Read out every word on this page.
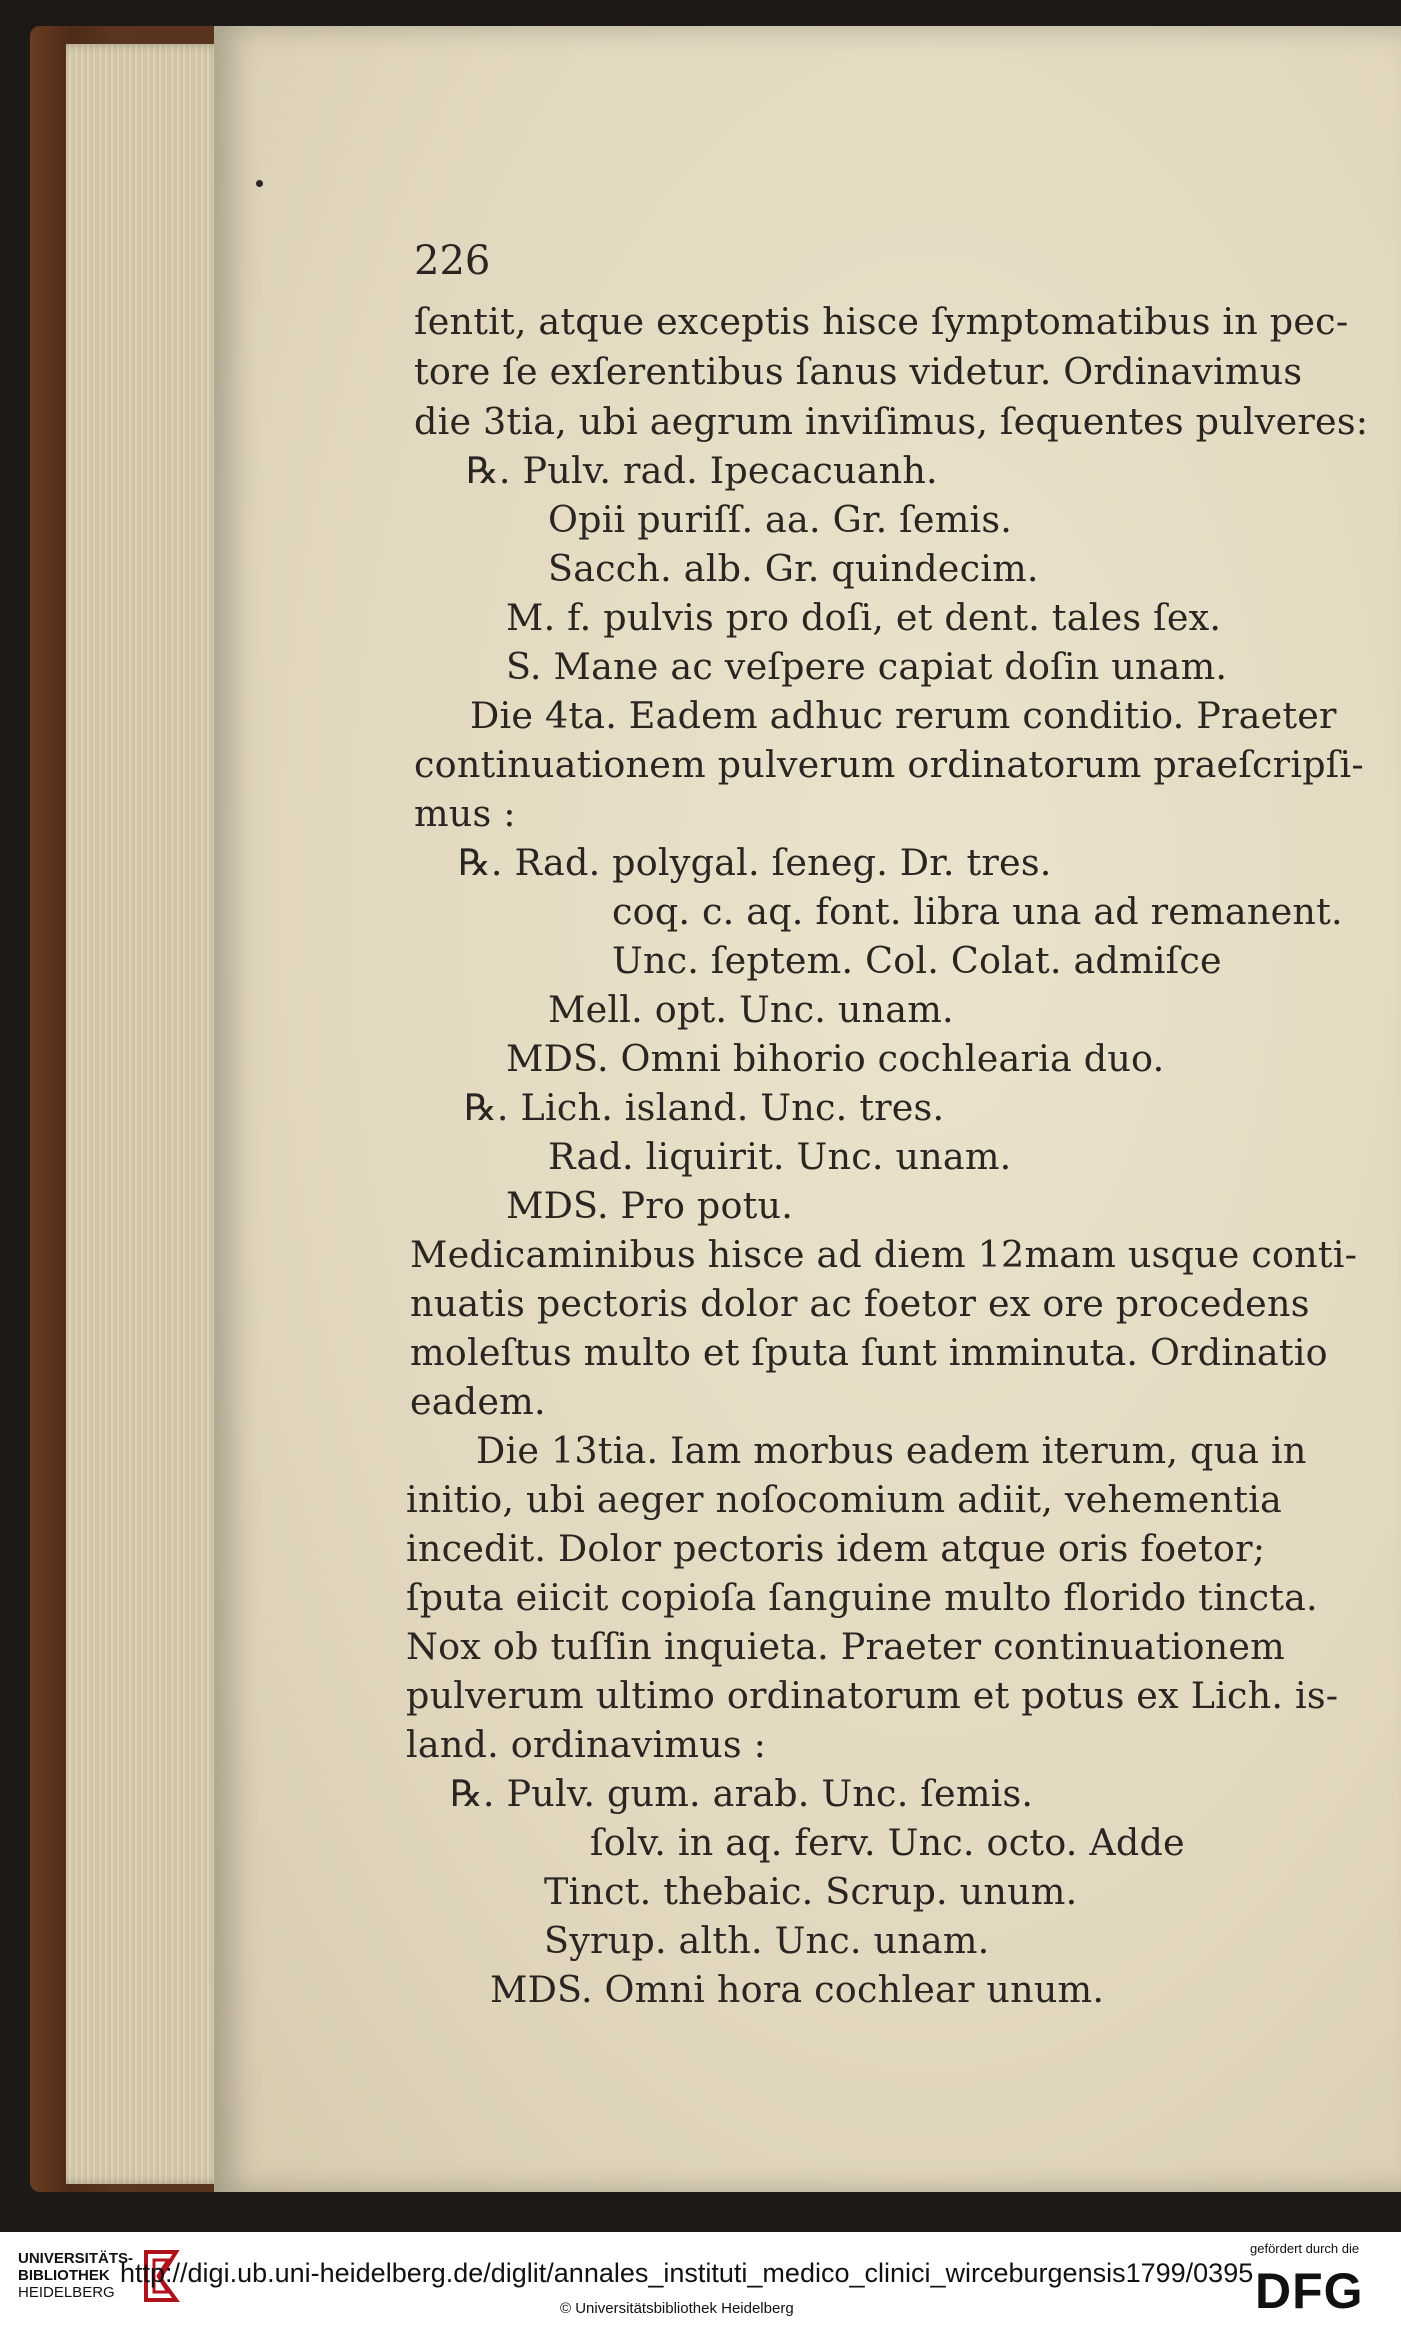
226
ſentit, atque exceptis hisce ſymptomatibus in pec-
tore ſe exſerentibus ſanus videtur. Ordinavimus
die 3tia, ubi aegrum inviſimus, ſequentes pulveres:
℞. Pulv. rad. Ipecacuanh.
Opii puriſſ. aa. Gr. ſemis.
Sacch. alb. Gr. quindecim.
M. f. pulvis pro doſi, et dent. tales ſex.
S. Mane ac veſpere capiat doſin unam.
Die 4ta. Eadem adhuc rerum conditio. Praeter
continuationem pulverum ordinatorum praeſcripſi-
mus :
℞. Rad. polygal. ſeneg. Dr. tres.
coq. c. aq. font. libra una ad remanent.
Unc. ſeptem. Col. Colat. admiſce
Mell. opt. Unc. unam.
MDS. Omni bihorio cochlearia duo.
℞. Lich. island. Unc. tres.
Rad. liquirit. Unc. unam.
MDS. Pro potu.
Medicaminibus hisce ad diem 12mam usque conti-
nuatis pectoris dolor ac foetor ex ore procedens
moleſtus multo et ſputa ſunt imminuta. Ordinatio
eadem.
Die 13tia. Iam morbus eadem iterum, qua in
initio, ubi aeger noſocomium adiit, vehementia
incedit. Dolor pectoris idem atque oris foetor;
ſputa eiicit copioſa ſanguine multo florido tincta.
Nox ob tuſſin inquieta. Praeter continuationem
pulverum ultimo ordinatorum et potus ex Lich. is-
land. ordinavimus :
℞. Pulv. gum. arab. Unc. ſemis.
ſolv. in aq. ferv. Unc. octo. Adde
Tinct. thebaic. Scrup. unum.
Syrup. alth. Unc. unam.
MDS. Omni hora cochlear unum.
UNIVERSITÄTS-
BIBLIOTHEK
HEIDELBERG
http://digi.ub.uni-heidelberg.de/diglit/annales_instituti_medico_clinici_wirceburgensis1799/0395
© Universitätsbibliothek Heidelberg
gefördert durch die
DFG
